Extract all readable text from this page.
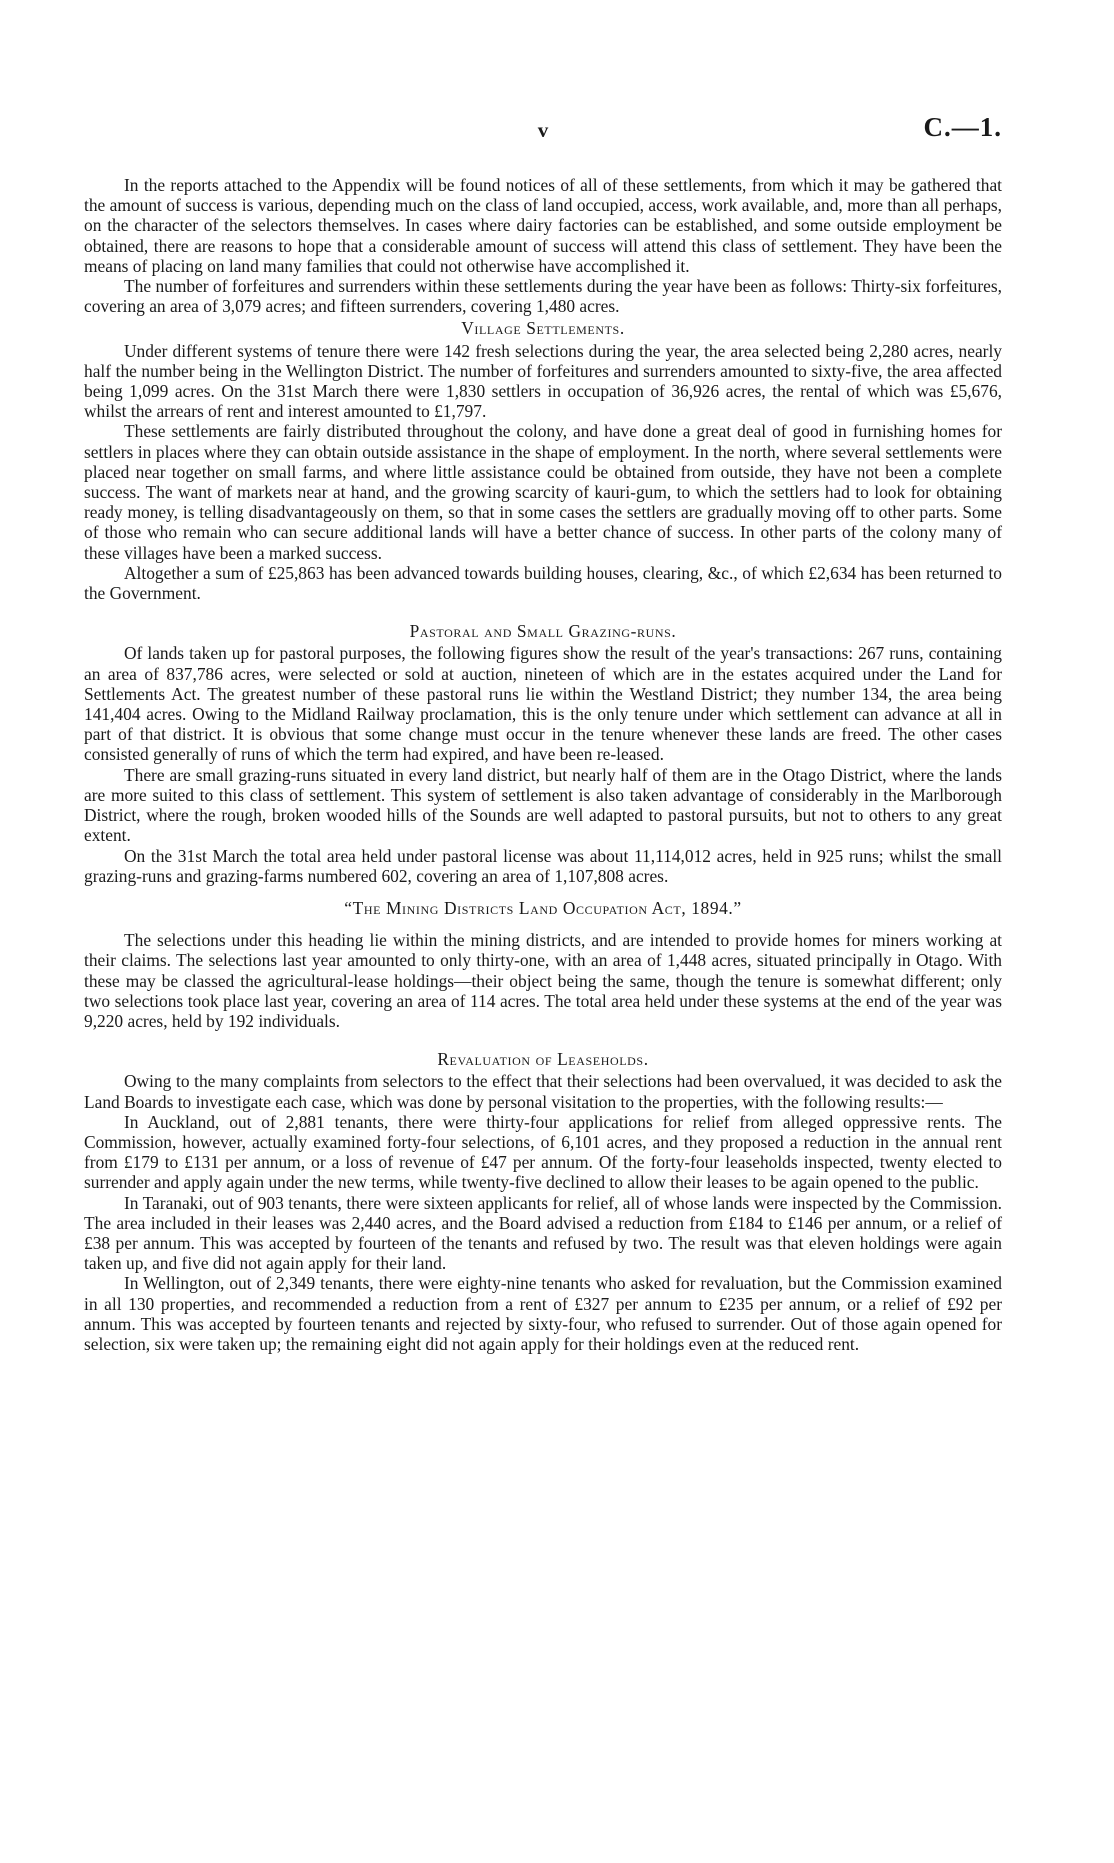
v	C.—1.

In the reports attached to the Appendix will be found notices of all of these settlements, from which it may be gathered that the amount of success is various, depending much on the class of land occupied, access, work available, and, more than all perhaps, on the character of the selectors themselves. In cases where dairy factories can be established, and some outside employment be obtained, there are reasons to hope that a considerable amount of success will attend this class of settlement. They have been the means of placing on land many families that could not otherwise have accomplished it.

The number of forfeitures and surrenders within these settlements during the year have been as follows: Thirty-six forfeitures, covering an area of 3,079 acres; and fifteen surrenders, covering 1,480 acres.

Village Settlements.

Under different systems of tenure there were 142 fresh selections during the year, the area selected being 2,280 acres, nearly half the number being in the Wellington District. The number of forfeitures and surrenders amounted to sixty-five, the area affected being 1,099 acres. On the 31st March there were 1,830 settlers in occupation of 36,926 acres, the rental of which was £5,676, whilst the arrears of rent and interest amounted to £1,797.

These settlements are fairly distributed throughout the colony, and have done a great deal of good in furnishing homes for settlers in places where they can obtain outside assistance in the shape of employment. In the north, where several settlements were placed near together on small farms, and where little assistance could be obtained from outside, they have not been a complete success. The want of markets near at hand, and the growing scarcity of kauri-gum, to which the settlers had to look for obtaining ready money, is telling disadvantageously on them, so that in some cases the settlers are gradually moving off to other parts. Some of those who remain who can secure additional lands will have a better chance of success. In other parts of the colony many of these villages have been a marked success.

Altogether a sum of £25,863 has been advanced towards building houses, clearing, &c., of which £2,634 has been returned to the Government.

Pastoral and Small Grazing-runs.

Of lands taken up for pastoral purposes, the following figures show the result of the year's transactions: 267 runs, containing an area of 837,786 acres, were selected or sold at auction, nineteen of which are in the estates acquired under the Land for Settlements Act. The greatest number of these pastoral runs lie within the Westland District; they number 134, the area being 141,404 acres. Owing to the Midland Railway proclamation, this is the only tenure under which settlement can advance at all in part of that district. It is obvious that some change must occur in the tenure whenever these lands are freed. The other cases consisted generally of runs of which the term had expired, and have been re-leased.

There are small grazing-runs situated in every land district, but nearly half of them are in the Otago District, where the lands are more suited to this class of settlement. This system of settlement is also taken advantage of considerably in the Marlborough District, where the rough, broken wooded hills of the Sounds are well adapted to pastoral pursuits, but not to others to any great extent.

On the 31st March the total area held under pastoral license was about 11,114,012 acres, held in 925 runs; whilst the small grazing-runs and grazing-farms numbered 602, covering an area of 1,107,808 acres.

“The Mining Districts Land Occupation Act, 1894.”

The selections under this heading lie within the mining districts, and are intended to provide homes for miners working at their claims. The selections last year amounted to only thirty-one, with an area of 1,448 acres, situated principally in Otago. With these may be classed the agricultural-lease holdings—their object being the same, though the tenure is somewhat different; only two selections took place last year, covering an area of 114 acres. The total area held under these systems at the end of the year was 9,220 acres, held by 192 individuals.

Revaluation of Leaseholds.

Owing to the many complaints from selectors to the effect that their selections had been overvalued, it was decided to ask the Land Boards to investigate each case, which was done by personal visitation to the properties, with the following results:—

In Auckland, out of 2,881 tenants, there were thirty-four applications for relief from alleged oppressive rents. The Commission, however, actually examined forty-four selections, of 6,101 acres, and they proposed a reduction in the annual rent from £179 to £131 per annum, or a loss of revenue of £47 per annum. Of the forty-four leaseholds inspected, twenty elected to surrender and apply again under the new terms, while twenty-five declined to allow their leases to be again opened to the public.

In Taranaki, out of 903 tenants, there were sixteen applicants for relief, all of whose lands were inspected by the Commission. The area included in their leases was 2,440 acres, and the Board advised a reduction from £184 to £146 per annum, or a relief of £38 per annum. This was accepted by fourteen of the tenants and refused by two. The result was that eleven holdings were again taken up, and five did not again apply for their land.

In Wellington, out of 2,349 tenants, there were eighty-nine tenants who asked for revaluation, but the Commission examined in all 130 properties, and recommended a reduction from a rent of £327 per annum to £235 per annum, or a relief of £92 per annum. This was accepted by fourteen tenants and rejected by sixty-four, who refused to surrender. Out of those again opened for selection, six were taken up; the remaining eight did not again apply for their holdings even at the reduced rent.
